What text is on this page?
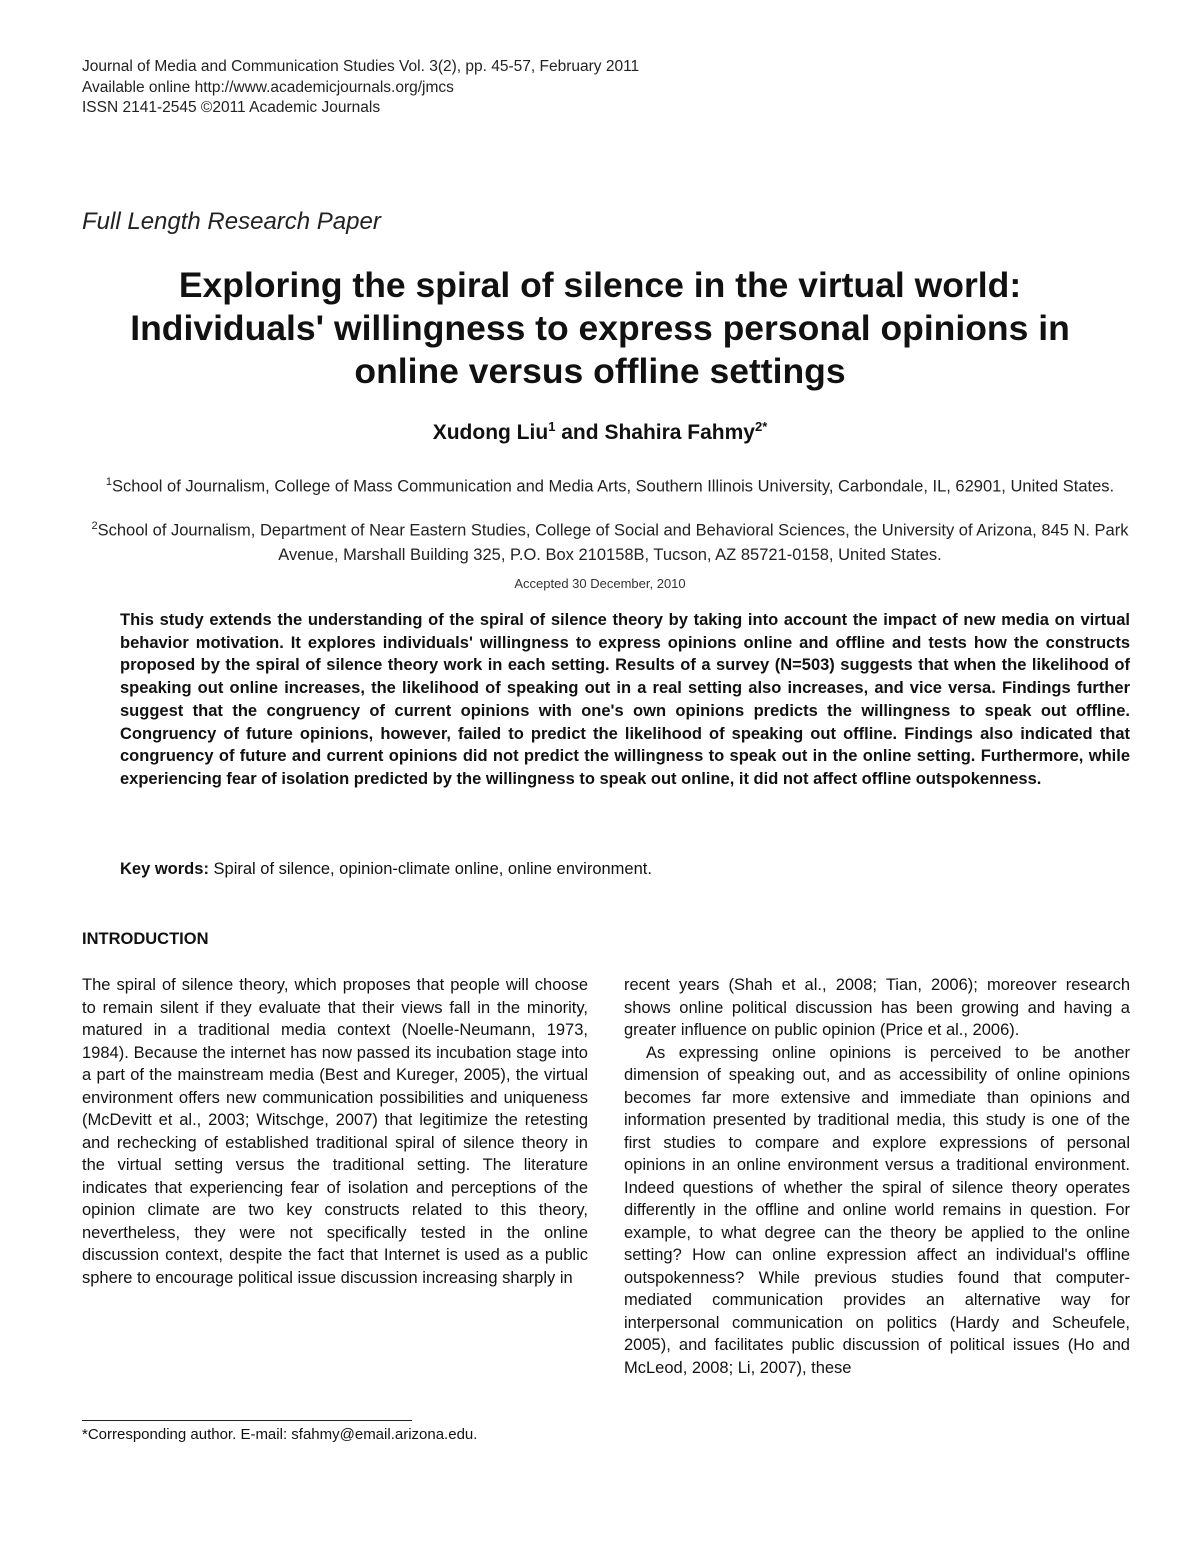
Journal of Media and Communication Studies Vol. 3(2), pp. 45-57, February 2011
Available online http://www.academicjournals.org/jmcs
ISSN 2141-2545 ©2011 Academic Journals
Full Length Research Paper
Exploring the spiral of silence in the virtual world:
Individuals' willingness to express personal opinions in
online versus offline settings
Xudong Liu$^1$ and Shahira Fahmy$^{2*}$
$^1$School of Journalism, College of Mass Communication and Media Arts, Southern Illinois University, Carbondale, IL, 62901, United States.
$^2$School of Journalism, Department of Near Eastern Studies, College of Social and Behavioral Sciences, the University of Arizona, 845 N. Park Avenue, Marshall Building 325, P.O. Box 210158B, Tucson, AZ 85721-0158, United States.
Accepted 30 December, 2010
This study extends the understanding of the spiral of silence theory by taking into account the impact of new media on virtual behavior motivation. It explores individuals' willingness to express opinions online and offline and tests how the constructs proposed by the spiral of silence theory work in each setting. Results of a survey (N=503) suggests that when the likelihood of speaking out online increases, the likelihood of speaking out in a real setting also increases, and vice versa. Findings further suggest that the congruency of current opinions with one's own opinions predicts the willingness to speak out offline. Congruency of future opinions, however, failed to predict the likelihood of speaking out offline. Findings also indicated that congruency of future and current opinions did not predict the willingness to speak out in the online setting. Furthermore, while experiencing fear of isolation predicted by the willingness to speak out online, it did not affect offline outspokenness.
Key words: Spiral of silence, opinion-climate online, online environment.
INTRODUCTION

The spiral of silence theory, which proposes that people will choose to remain silent if they evaluate that their views fall in the minority, matured in a traditional media context (Noelle-Neumann, 1973, 1984). Because the internet has now passed its incubation stage into a part of the mainstream media (Best and Kureger, 2005), the virtual environment offers new communication possibilities and uniqueness (McDevitt et al., 2003; Witschge, 2007) that legitimize the retesting and rechecking of established traditional spiral of silence theory in the virtual setting versus the traditional setting. The literature indicates that experiencing fear of isolation and perceptions of the opinion climate are two key constructs related to this theory, nevertheless, they were not specifically tested in the online discussion context, despite the fact that Internet is used as a public sphere to encourage political issue discussion increasing sharply in

recent years (Shah et al., 2008; Tian, 2006); moreover research shows online political discussion has been growing and having a greater influence on public opinion (Price et al., 2006).

As expressing online opinions is perceived to be another dimension of speaking out, and as accessibility of online opinions becomes far more extensive and immediate than opinions and information presented by traditional media, this study is one of the first studies to compare and explore expressions of personal opinions in an online environment versus a traditional environment. Indeed questions of whether the spiral of silence theory operates differently in the offline and online world remains in question. For example, to what degree can the theory be applied to the online setting? How can online expression affect an individual's offline outspokenness? While previous studies found that computer-mediated communication provides an alternative way for interpersonal communication on politics (Hardy and Scheufele, 2005), and facilitates public discussion of political issues (Ho and McLeod, 2008; Li, 2007), these

*Corresponding author. E-mail: sfahmy@email.arizona.edu.
